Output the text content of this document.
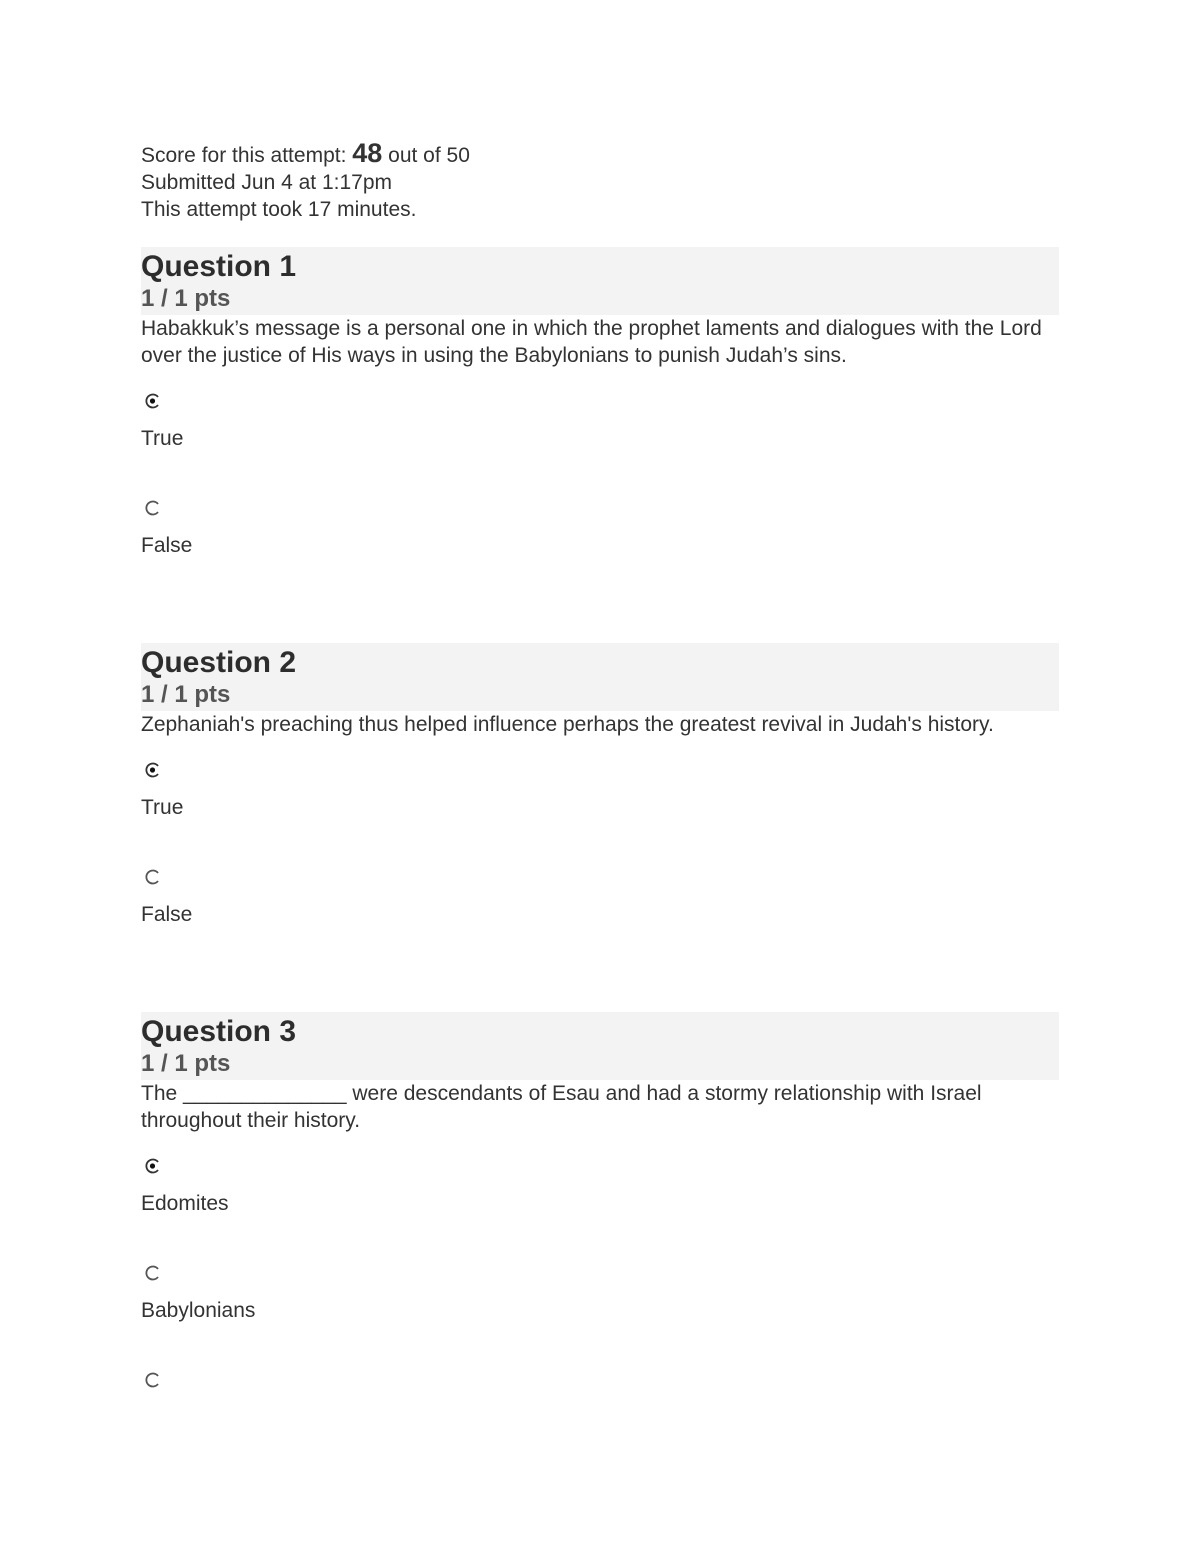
Score for this attempt: 48 out of 50
Submitted Jun 4 at 1:17pm
This attempt took 17 minutes.
Question 1
1 / 1 pts
Habakkuk’s message is a personal one in which the prophet laments and dialogues with the Lord over the justice of His ways in using the Babylonians to punish Judah’s sins.
True
False
Question 2
1 / 1 pts
Zephaniah's preaching thus helped influence perhaps the greatest revival in Judah's history.
True
False
Question 3
1 / 1 pts
The ______________ were descendants of Esau and had a stormy relationship with Israel throughout their history.
Edomites
Babylonians
